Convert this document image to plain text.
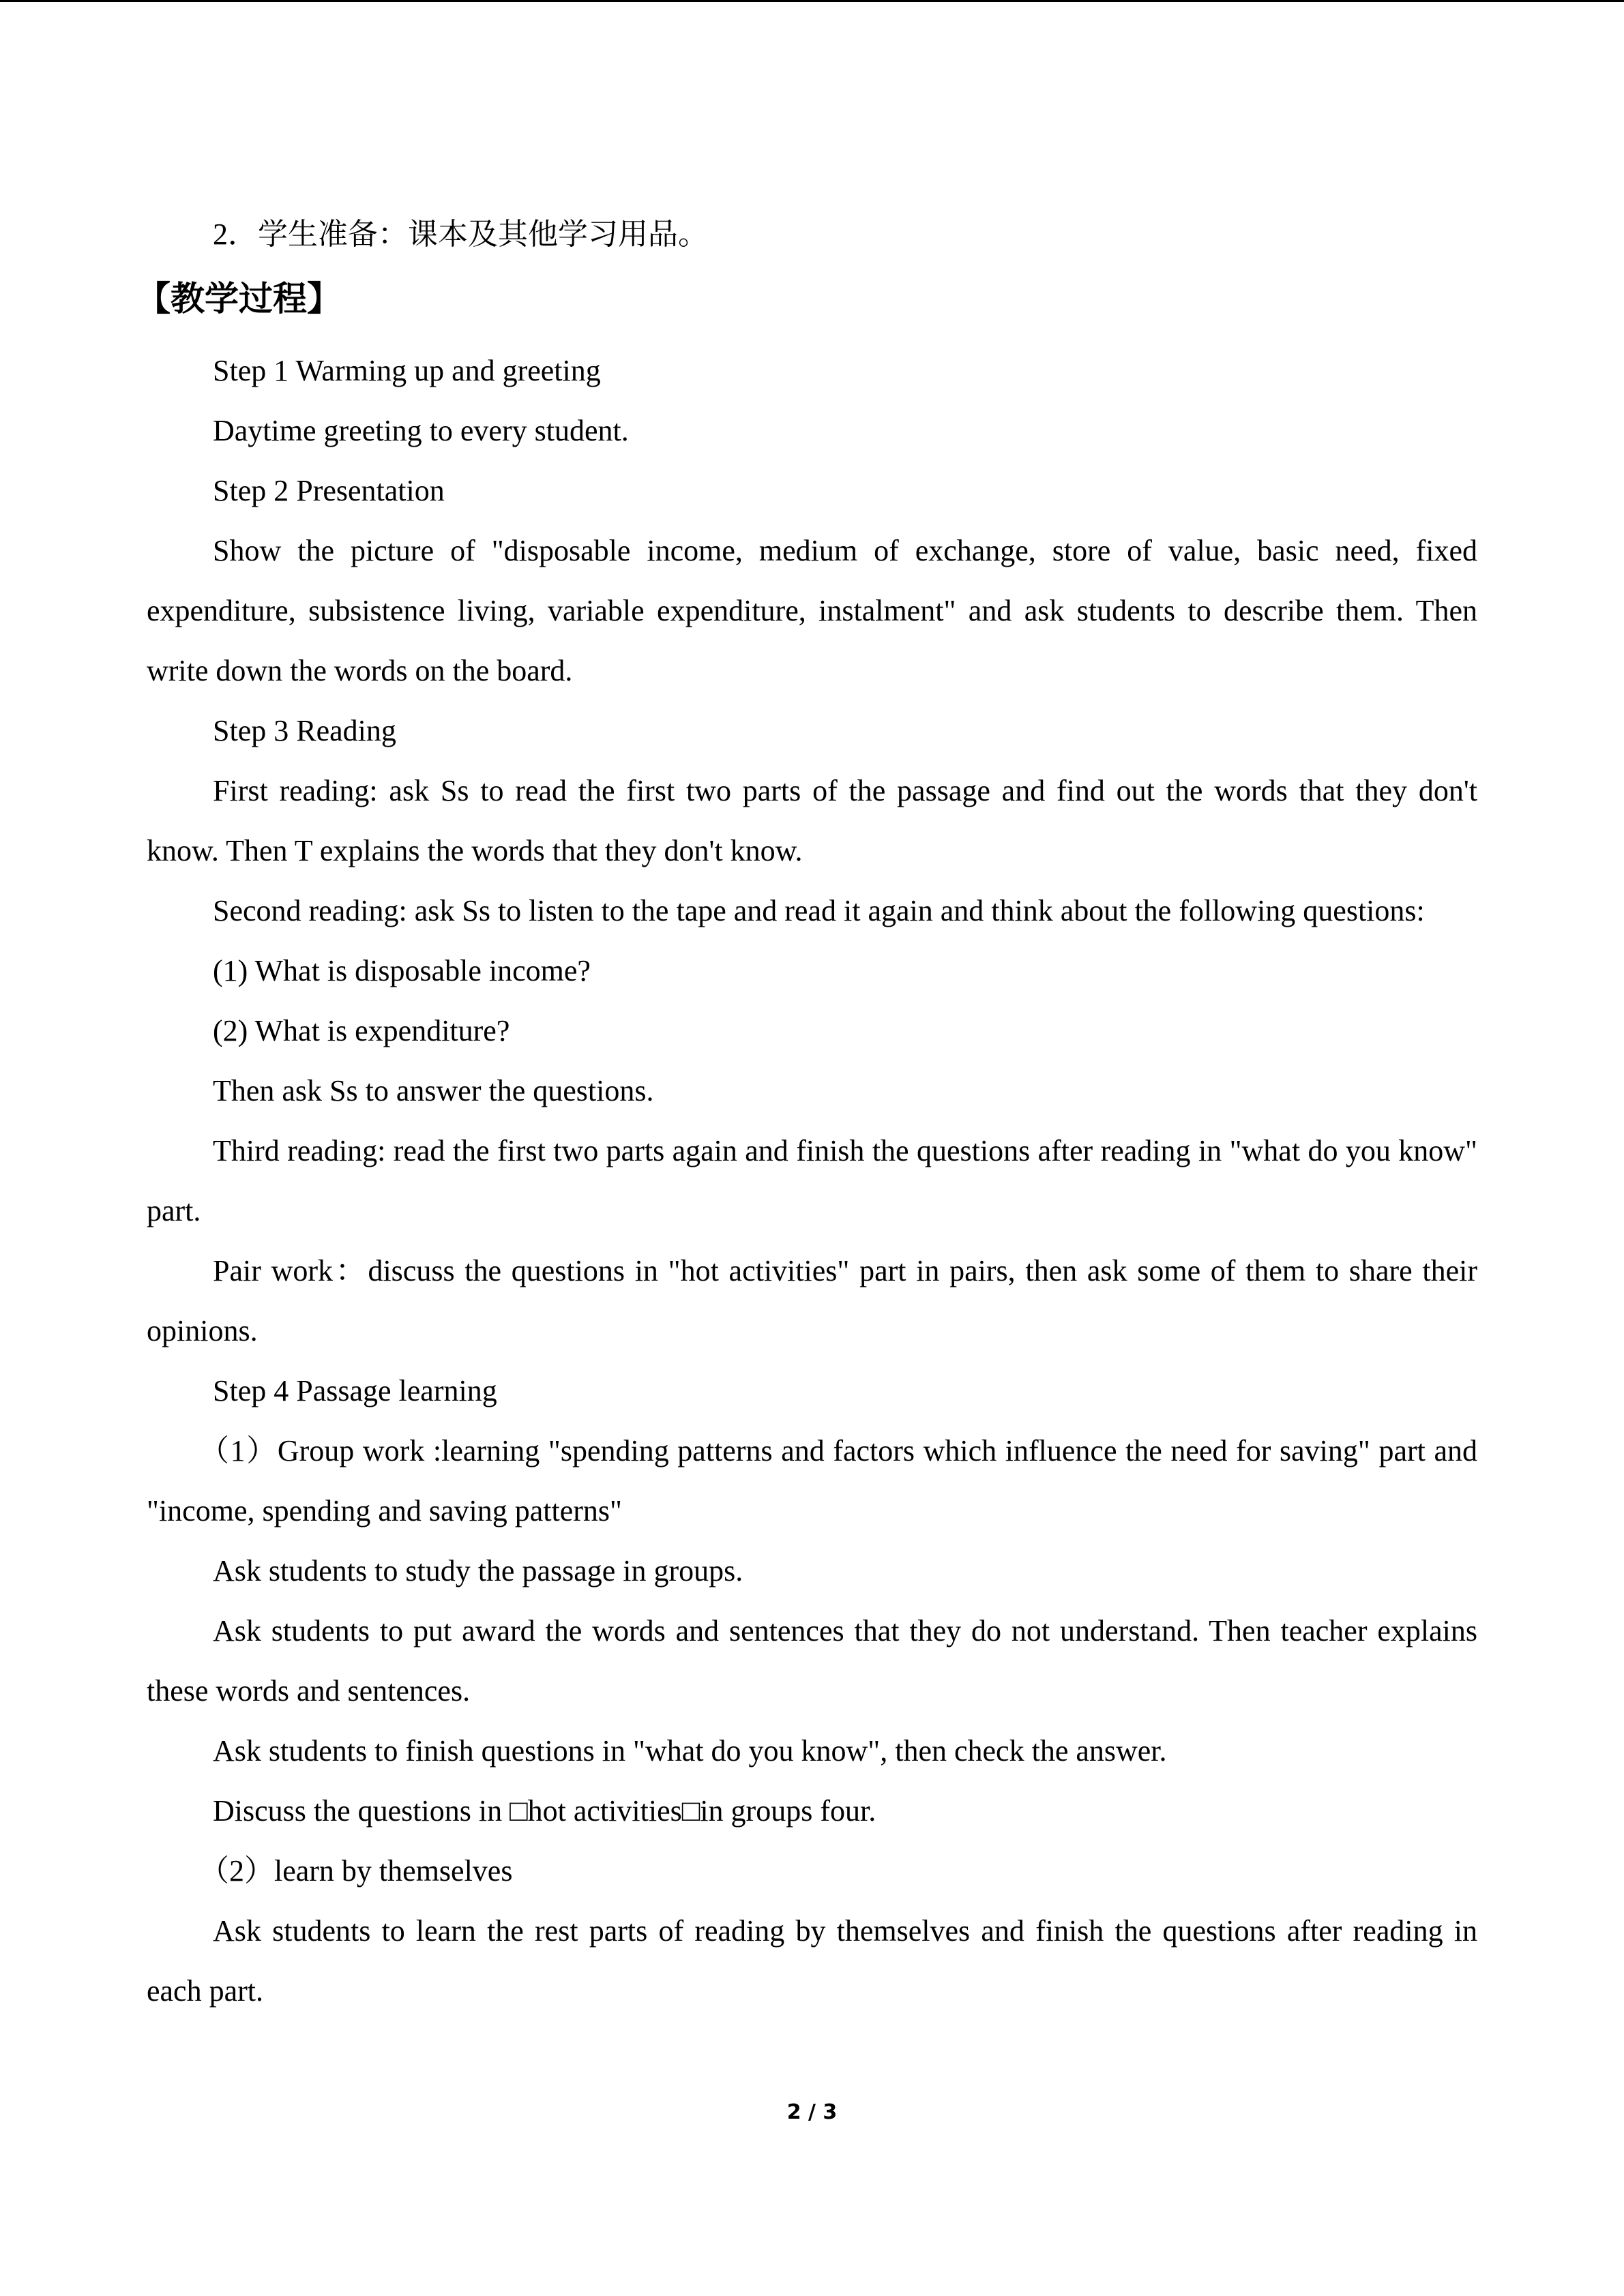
2．学生准备：课本及其他学习用品。

【教学过程】

Step 1 Warming up and greeting

Daytime greeting to every student.

Step 2 Presentation

Show the picture of "disposable income, medium of exchange, store of value, basic need, fixed expenditure, subsistence living, variable expenditure, instalment" and ask students to describe them. Then write down the words on the board.

Step 3 Reading

First reading: ask Ss to read the first two parts of the passage and find out the words that they don't know. Then T explains the words that they don't know.

Second reading: ask Ss to listen to the tape and read it again and think about the following questions:

(1) What is disposable income?

(2) What is expenditure?

Then ask Ss to answer the questions.

Third reading: read the first two parts again and finish the questions after reading in "what do you know" part.

Pair work：discuss the questions in "hot activities" part in pairs, then ask some of them to share their opinions.

Step 4 Passage learning

（1）Group work :learning "spending patterns and factors which influence the need for saving" part and "income, spending and saving patterns"

Ask students to study the passage in groups.

Ask students to put award the words and sentences that they do not understand. Then teacher explains these words and sentences.

Ask students to finish questions in "what do you know", then check the answer.

Discuss the questions in □hot activities□in groups four.

（2）learn by themselves

Ask students to learn the rest parts of reading by themselves and finish the questions after reading in each part.

2 / 3
